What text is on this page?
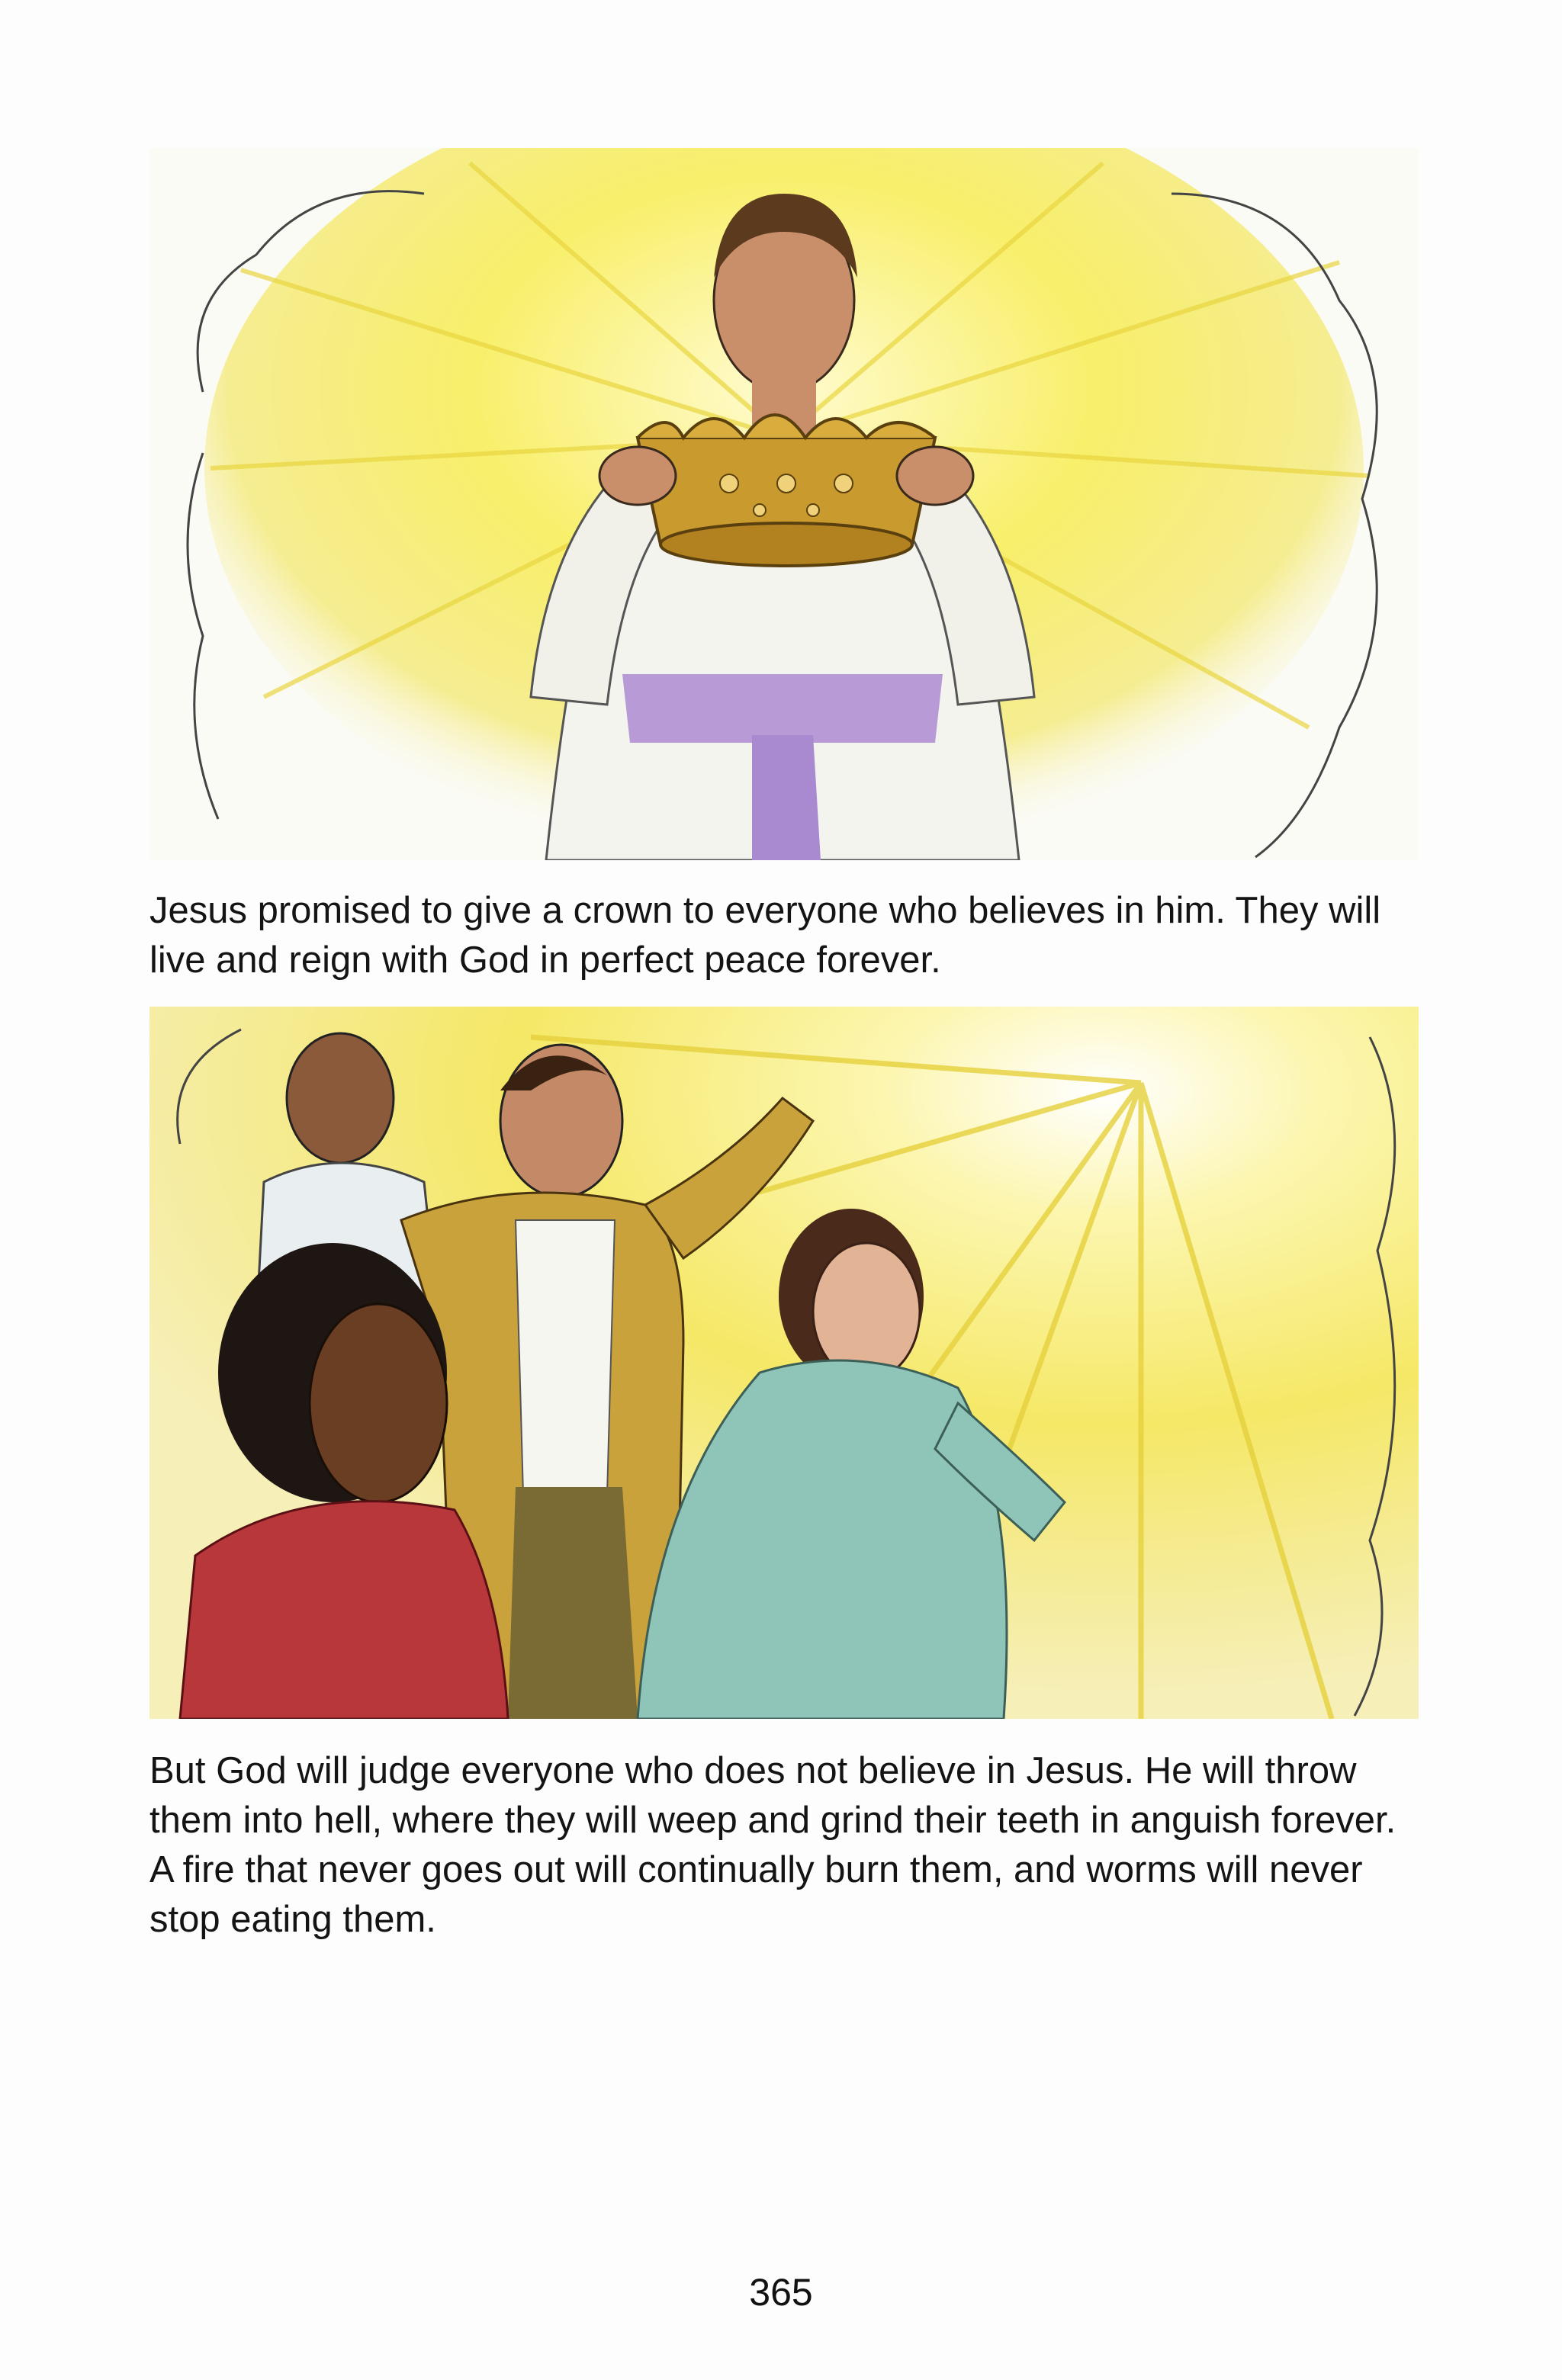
Jesus promised to give a crown to everyone who believes in him. They will live and reign with God in perfect peace forever.

But God will judge everyone who does not believe in Jesus. He will throw them into hell, where they will weep and grind their teeth in anguish forever. A fire that never goes out will continually burn them, and worms will never stop eating them.

365
